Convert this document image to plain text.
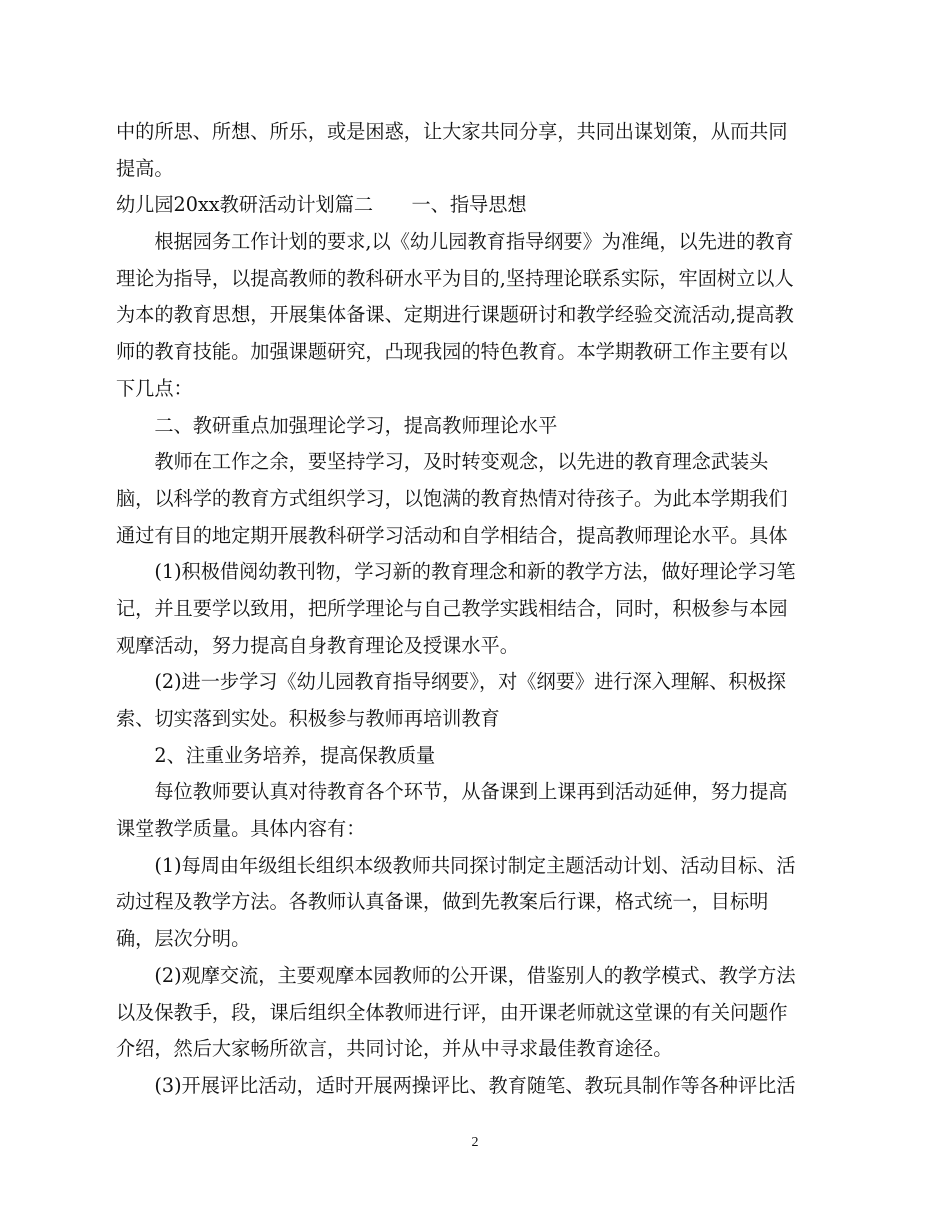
中的所思、所想、所乐，或是困惑，让大家共同分享，共同出谋划策，从而共同
提高。
幼儿园20xx教研活动计划篇二　　一、指导思想
　　根据园务工作计划的要求,以《幼儿园教育指导纲要》为准绳，以先进的教育
理论为指导，以提高教师的教科研水平为目的,坚持理论联系实际，牢固树立以人
为本的教育思想，开展集体备课、定期进行课题研讨和教学经验交流活动,提高教
师的教育技能。加强课题研究，凸现我园的特色教育。本学期教研工作主要有以
下几点：
　　二、教研重点加强理论学习，提高教师理论水平
　　教师在工作之余，要坚持学习，及时转变观念，以先进的教育理念武装头
脑，以科学的教育方式组织学习，以饱满的教育热情对待孩子。为此本学期我们
通过有目的地定期开展教科研学习活动和自学相结合，提高教师理论水平。具体
　　(1)积极借阅幼教刊物，学习新的教育理念和新的教学方法，做好理论学习笔
记，并且要学以致用，把所学理论与自己教学实践相结合，同时，积极参与本园
观摩活动，努力提高自身教育理论及授课水平。
　　(2)进一步学习《幼儿园教育指导纲要》，对《纲要》进行深入理解、积极探
索、切实落到实处。积极参与教师再培训教育
　　2、注重业务培养，提高保教质量
　　每位教师要认真对待教育各个环节，从备课到上课再到活动延伸，努力提高
课堂教学质量。具体内容有：
　　(1)每周由年级组长组织本级教师共同探讨制定主题活动计划、活动目标、活
动过程及教学方法。各教师认真备课，做到先教案后行课，格式统一，目标明
确，层次分明。
　　(2)观摩交流，主要观摩本园教师的公开课，借鉴别人的教学模式、教学方法
以及保教手，段，课后组织全体教师进行评，由开课老师就这堂课的有关问题作
介绍，然后大家畅所欲言，共同讨论，并从中寻求最佳教育途径。
　　(3)开展评比活动，适时开展两操评比、教育随笔、教玩具制作等各种评比活
2
